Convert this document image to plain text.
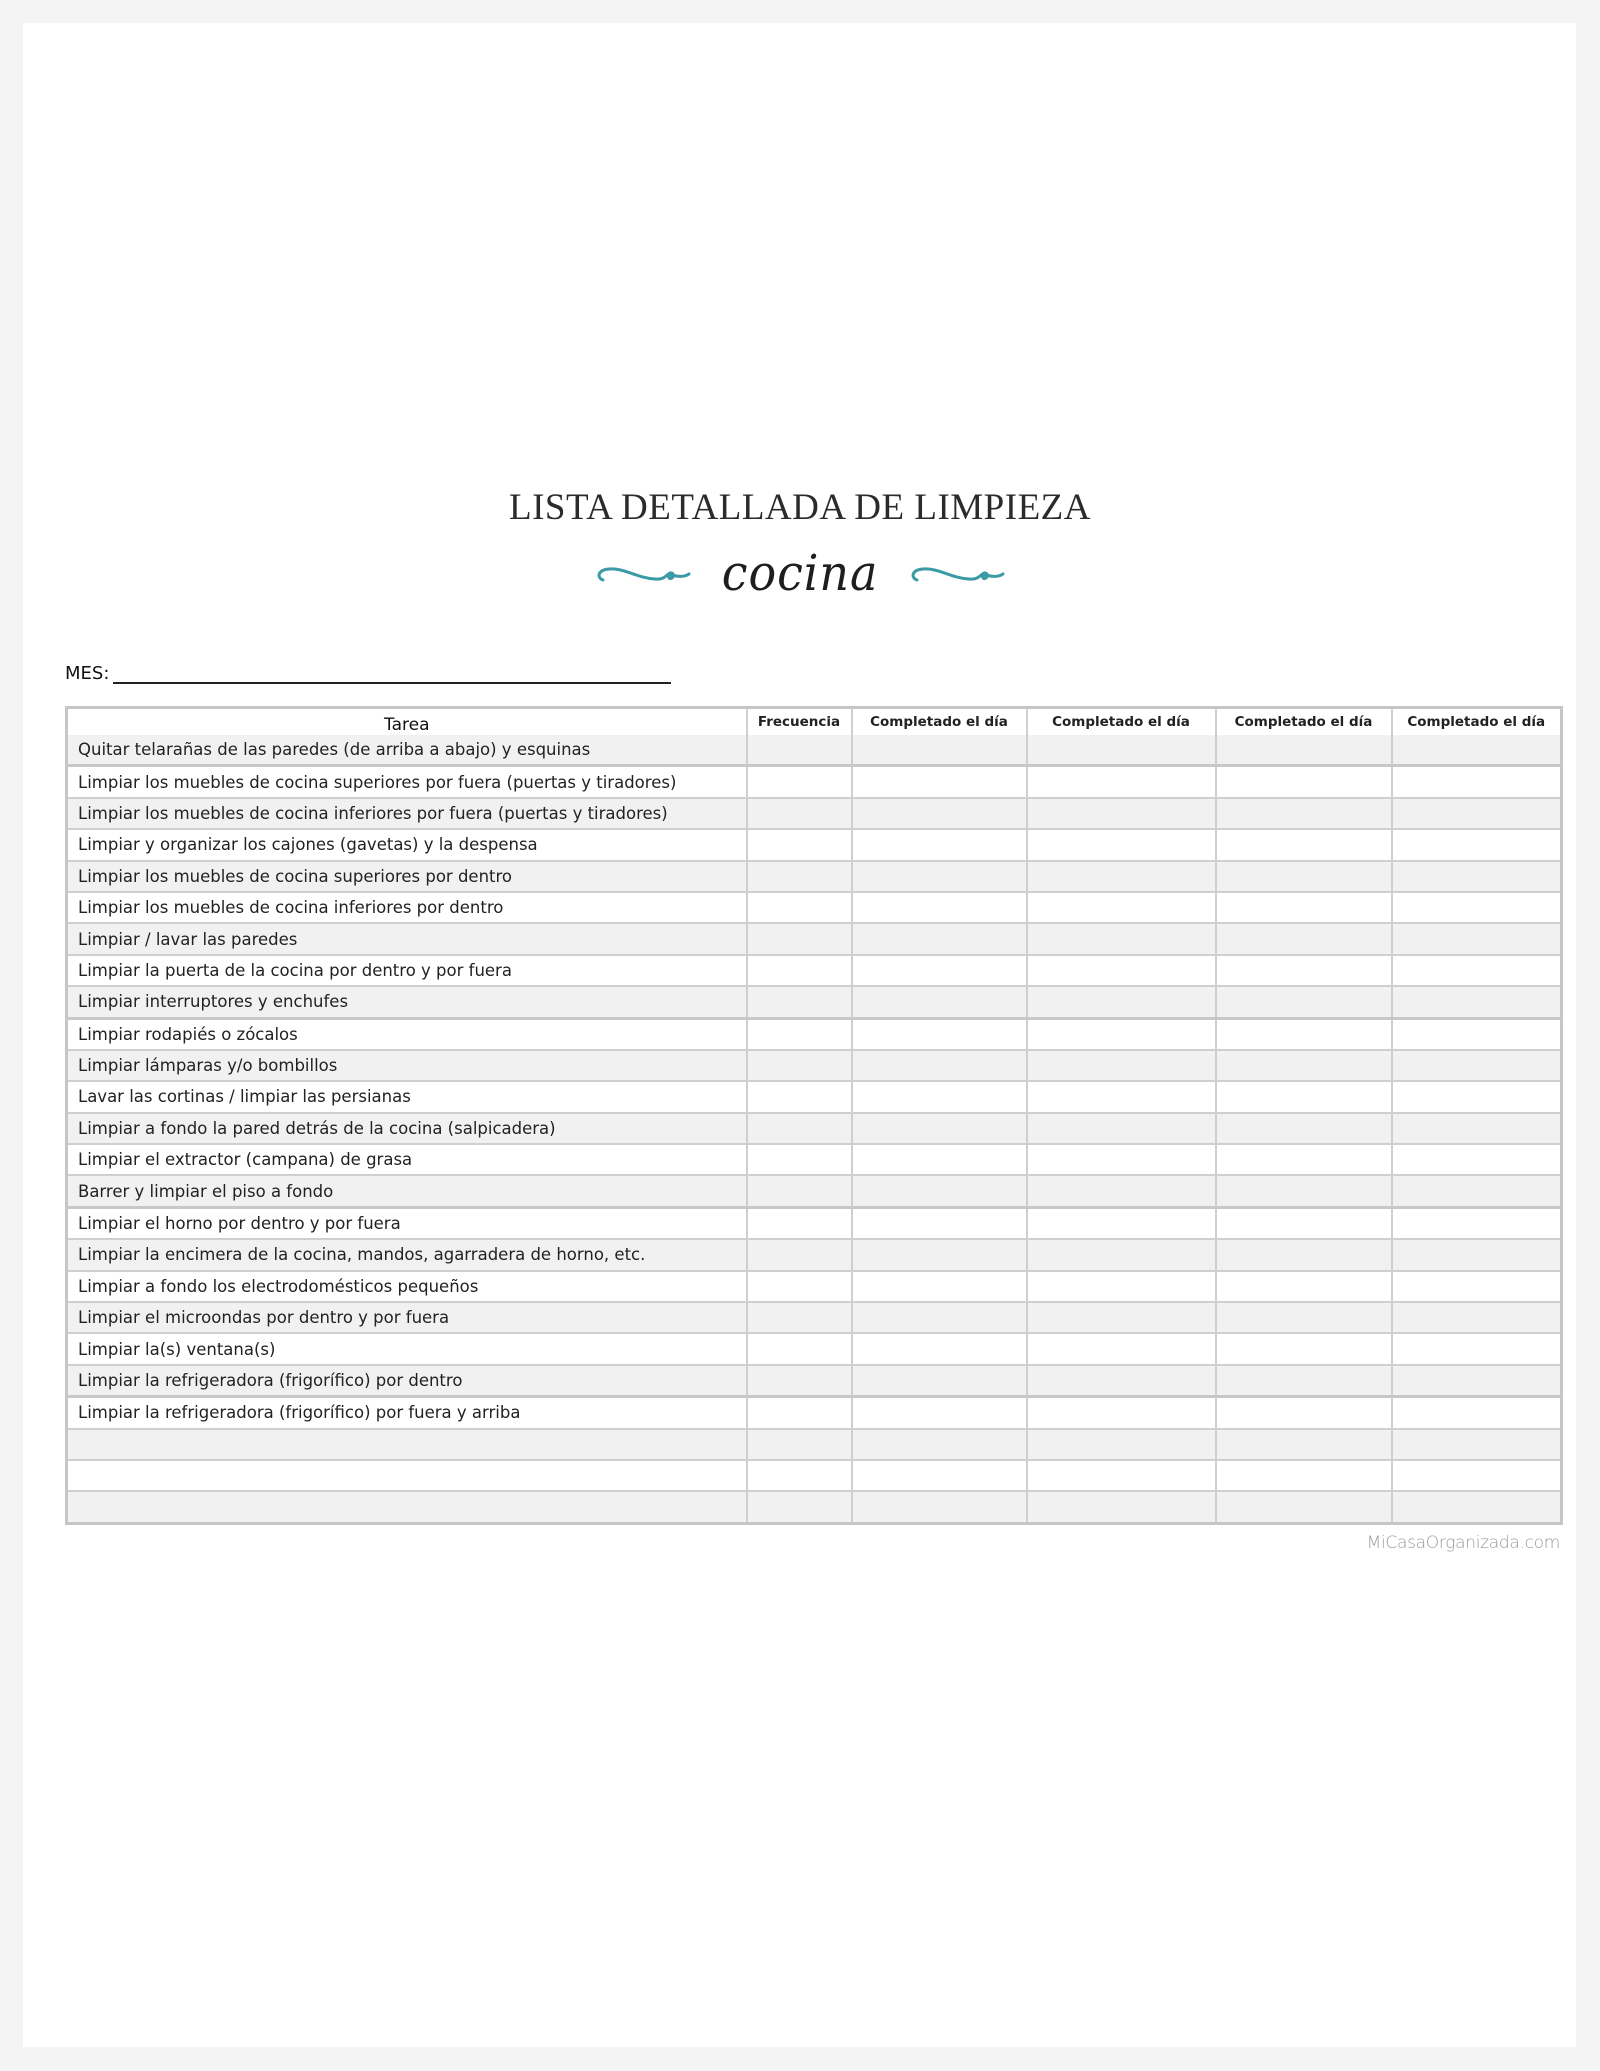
LISTA DETALLADA DE LIMPIEZA
cocina
MES:
Tarea	Frecuencia	Completado el día	Completado el día	Completado el día	Completado el día
Quitar telarañas de las paredes (de arriba a abajo) y esquinas					
Limpiar los muebles de cocina superiores por fuera (puertas y tiradores)					
Limpiar los muebles de cocina inferiores por fuera (puertas y tiradores)					
Limpiar y organizar los cajones (gavetas) y la despensa					
Limpiar los muebles de cocina superiores por dentro					
Limpiar los muebles de cocina inferiores por dentro					
Limpiar / lavar las paredes					
Limpiar la puerta de la cocina por dentro y por fuera					
Limpiar interruptores y enchufes					
Limpiar rodapiés o zócalos					
Limpiar lámparas y/o bombillos					
Lavar las cortinas / limpiar las persianas					
Limpiar a fondo la pared detrás de la cocina (salpicadera)					
Limpiar el extractor (campana) de grasa					
Barrer y limpiar el piso a fondo					
Limpiar el horno por dentro y por fuera					
Limpiar la encimera de la cocina, mandos, agarradera de horno, etc.					
Limpiar a fondo los electrodomésticos pequeños					
Limpiar el microondas por dentro y por fuera					
Limpiar la(s) ventana(s)					
Limpiar la refrigeradora (frigorífico) por dentro					
Limpiar la refrigeradora (frigorífico) por fuera y arriba					

MiCasaOrganizada.com
